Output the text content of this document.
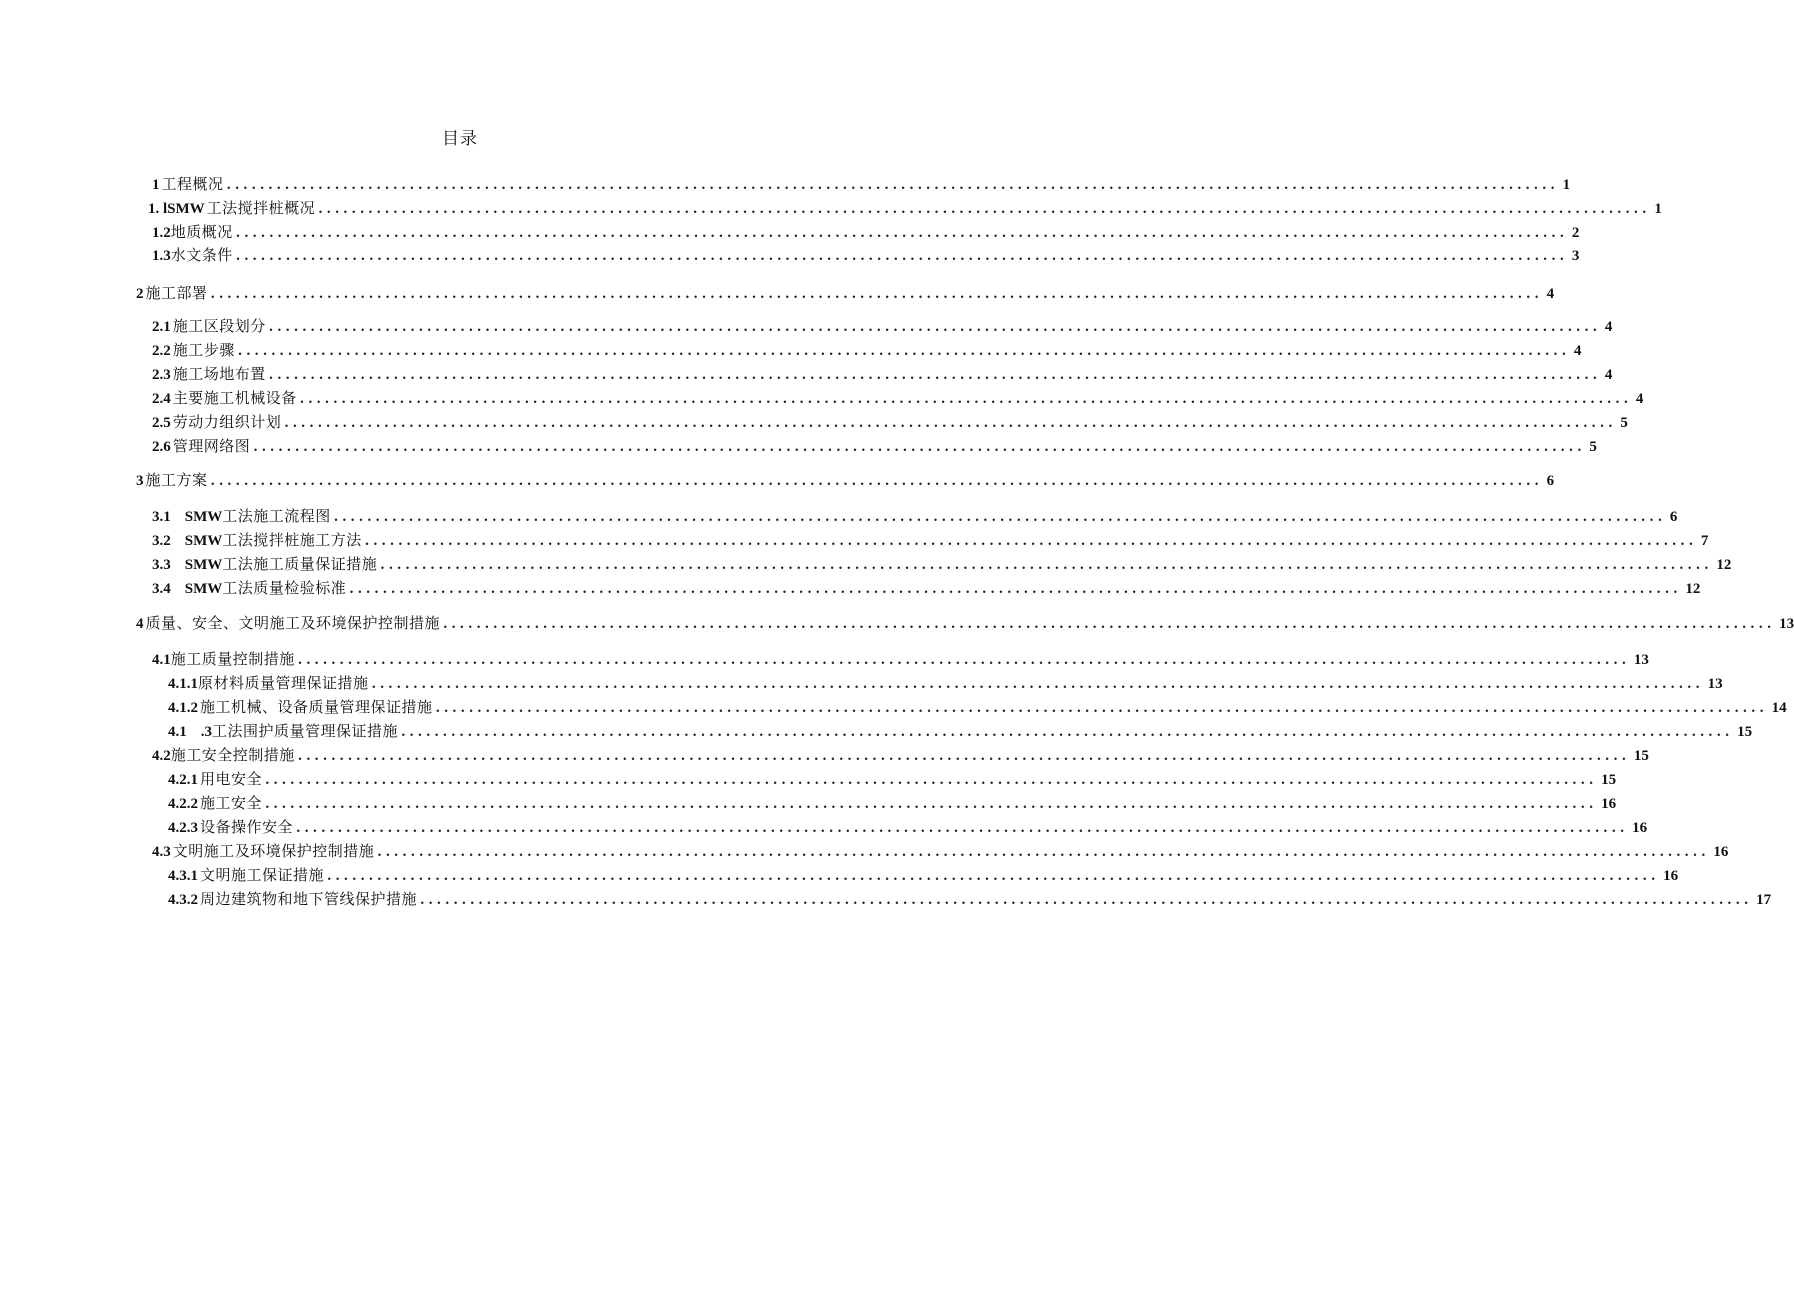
目录
1 工程概况 ................................................................................................................................................................ 1
1. lSMW 工法搅拌桩概况 ................................................................................................................................................................ 1
1.2 地质概况 ................................................................................................................................................................ 2
1.3 水文条件 ................................................................................................................................................................ 3
2 施工部署 ................................................................................................................................................................ 4
2.1 施工区段划分 ................................................................................................................................................................ 4
2.2 施工步骤 ................................................................................................................................................................ 4
2.3 施工场地布置 ................................................................................................................................................................ 4
2.4 主要施工机械设备 ................................................................................................................................................................ 4
2.5 劳动力组织计划 ................................................................................................................................................................ 5
2.6 管理网络图 ................................................................................................................................................................ 5
3 施工方案 ................................................................................................................................................................ 6
3.1 SMW 工法施工流程图 ................................................................................................................................................................ 6
3.2 SMW 工法搅拌桩施工方法 ................................................................................................................................................................ 7
3.3 SMW 工法施工质量保证措施 ................................................................................................................................................................ 12
3.4 SMW 工法质量检验标准 ................................................................................................................................................................ 12
4 质量、安全、文明施工及环境保护控制措施 ................................................................................................................................................................ 13
4.1 施工质量控制措施 ................................................................................................................................................................ 13
4.1.1 原材料质量管理保证措施 ................................................................................................................................................................ 13
4.1.2 施工机械、设备质量管理保证措施 ................................................................................................................................................................ 14
4.1 .3 工法围护质量管理保证措施 ................................................................................................................................................................ 15
4.2 施工安全控制措施 ................................................................................................................................................................ 15
4.2.1 用电安全 ................................................................................................................................................................ 15
4.2.2 施工安全 ................................................................................................................................................................ 16
4.2.3 设备操作安全 ................................................................................................................................................................ 16
4.3 文明施工及环境保护控制措施 ................................................................................................................................................................ 16
4.3.1 文明施工保证措施 ................................................................................................................................................................ 16
4.3.2 周边建筑物和地下管线保护措施 ................................................................................................................................................................ 17
